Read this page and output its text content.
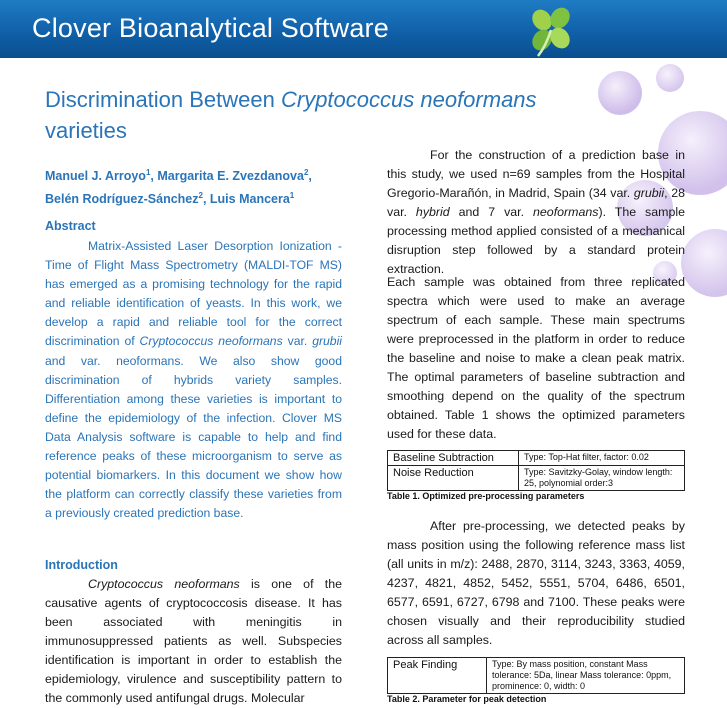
Clover Bioanalytical Software
Discrimination Between Cryptococcus neoformans
varieties
Manuel J. Arroyo$^1$, Margarita E. Zvezdanova$^2$,
Belén Rodríguez-Sánchez$^2$, Luis Mancera$^1$
Abstract
Matrix-Assisted Laser Desorption Ionization - Time of Flight Mass Spectrometry (MALDI-TOF MS) has emerged as a promising technology for the rapid and reliable identification of yeasts. In this work, we develop a rapid and reliable tool for the correct discrimination of Cryptococcus neoformans var. grubii and var. neoformans. We also show good discrimination of hybrids variety samples. Differentiation among these varieties is important to define the epidemiology of the infection. Clover MS Data Analysis software is capable to help and find reference peaks of these microorganism to serve as potential biomarkers. In this document we show how the platform can correctly classify these varieties from a previously created prediction base.
Introduction
Cryptococcus neoformans is one of the causative agents of cryptococcosis disease. It has been associated with meningitis in immunosuppressed patients as well. Subspecies identification is important in order to establish the epidemiology, virulence and susceptibility pattern to the commonly used antifungal drugs. Molecular
For the construction of a prediction base in this study, we used n=69 samples from the Hospital Gregorio-Marañón, in Madrid, Spain (34 var. grubii, 28 var. hybrid and 7 var. neoformans). The sample processing method applied consisted of a mechanical disruption step followed by a standard protein extraction.
Each sample was obtained from three replicated spectra which were used to make an average spectrum of each sample. These main spectrums were preprocessed in the platform in order to reduce the baseline and noise to make a clean peak matrix. The optimal parameters of baseline subtraction and smoothing depend on the quality of the spectrum obtained. Table 1 shows the optimized parameters used for these data.
Baseline Subtraction	Type: Top-Hat filter, factor: 0.02
Noise Reduction	Type: Savitzky-Golay, window length: 25, polynomial order:3
Table 1. Optimized pre-processing parameters
After pre-processing, we detected peaks by mass position using the following reference mass list (all units in m/z): 2488, 2870, 3114, 3243, 3363, 4059, 4237, 4821, 4852, 5452, 5551, 5704, 6486, 6501, 6577, 6591, 6727, 6798 and 7100. These peaks were chosen visually and their reproducibility studied across all samples.
Peak Finding	Type: By mass position, constant Mass tolerance: 5Da, linear Mass tolerance: 0ppm, prominence: 0, width: 0
Table 2. Parameter for peak detection
